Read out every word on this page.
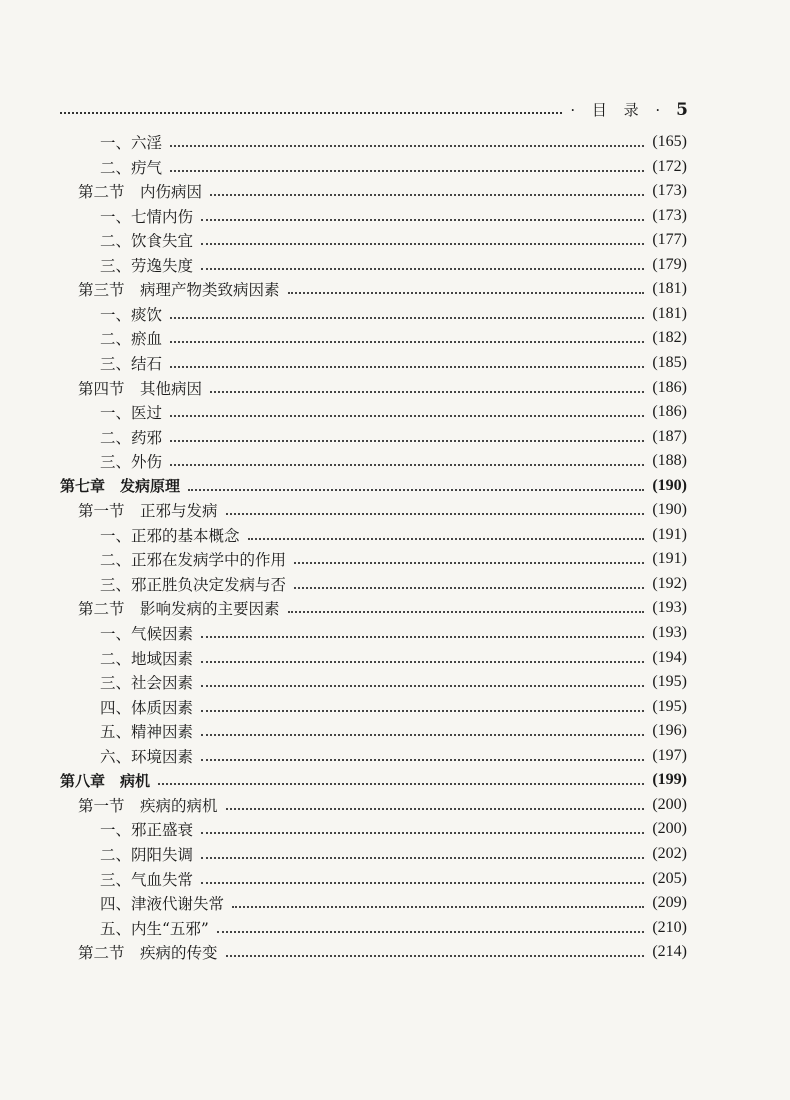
· 目 录 · 5
一、六淫	(165)
二、疠气	(172)
第二节　内伤病因	(173)
一、七情内伤	(173)
二、饮食失宜	(177)
三、劳逸失度	(179)
第三节　病理产物类致病因素	(181)
一、痰饮	(181)
二、瘀血	(182)
三、结石	(185)
第四节　其他病因	(186)
一、医过	(186)
二、药邪	(187)
三、外伤	(188)
第七章　发病原理	(190)
第一节　正邪与发病	(190)
一、正邪的基本概念	(191)
二、正邪在发病学中的作用	(191)
三、邪正胜负决定发病与否	(192)
第二节　影响发病的主要因素	(193)
一、气候因素	(193)
二、地域因素	(194)
三、社会因素	(195)
四、体质因素	(195)
五、精神因素	(196)
六、环境因素	(197)
第八章　病机	(199)
第一节　疾病的病机	(200)
一、邪正盛衰	(200)
二、阴阳失调	(202)
三、气血失常	(205)
四、津液代谢失常	(209)
五、内生“五邪”	(210)
第二节　疾病的传变	(214)
